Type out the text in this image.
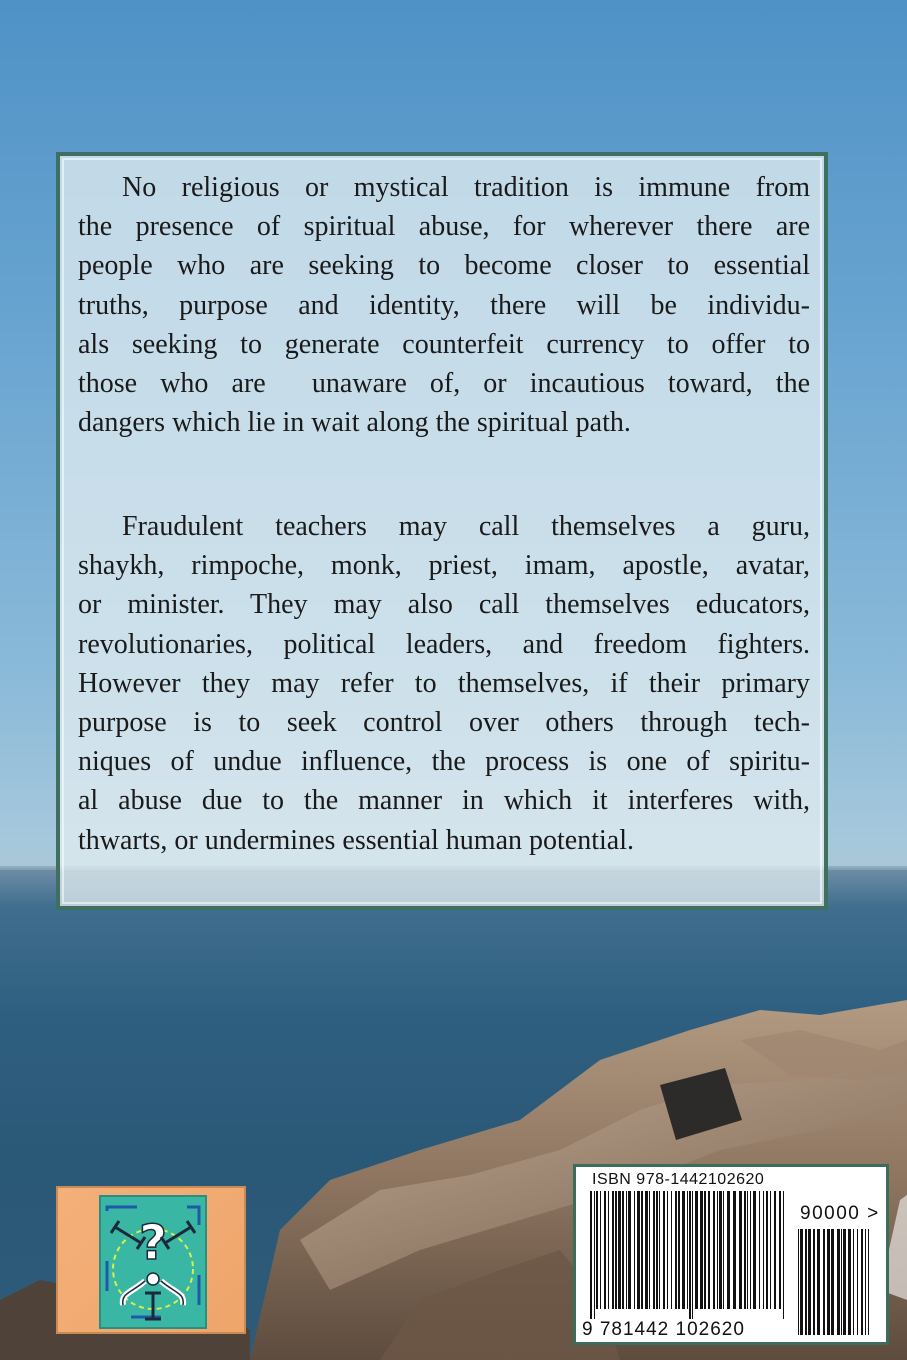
No religious or mystical tradition is immune from
the presence of spiritual abuse, for wherever there are
people who are seeking to become closer to essential
truths, purpose and identity, there will be individu-
als seeking to generate counterfeit currency to offer to
those who are  unaware of, or incautious toward, the
dangers which lie in wait along the spiritual path.

Fraudulent teachers may call themselves a guru,
shaykh, rimpoche, monk, priest, imam, apostle, avatar,
or minister. They may also call themselves educators,
revolutionaries, political leaders, and freedom fighters.
However they may refer to themselves, if their primary
purpose is to seek control over others through tech-
niques of undue influence, the process is one of spiritu-
al abuse due to the manner in which it interferes with,
thwarts, or undermines essential human potential.

?
ISBN 978-1442102620
90000 >
9 781442 102620
